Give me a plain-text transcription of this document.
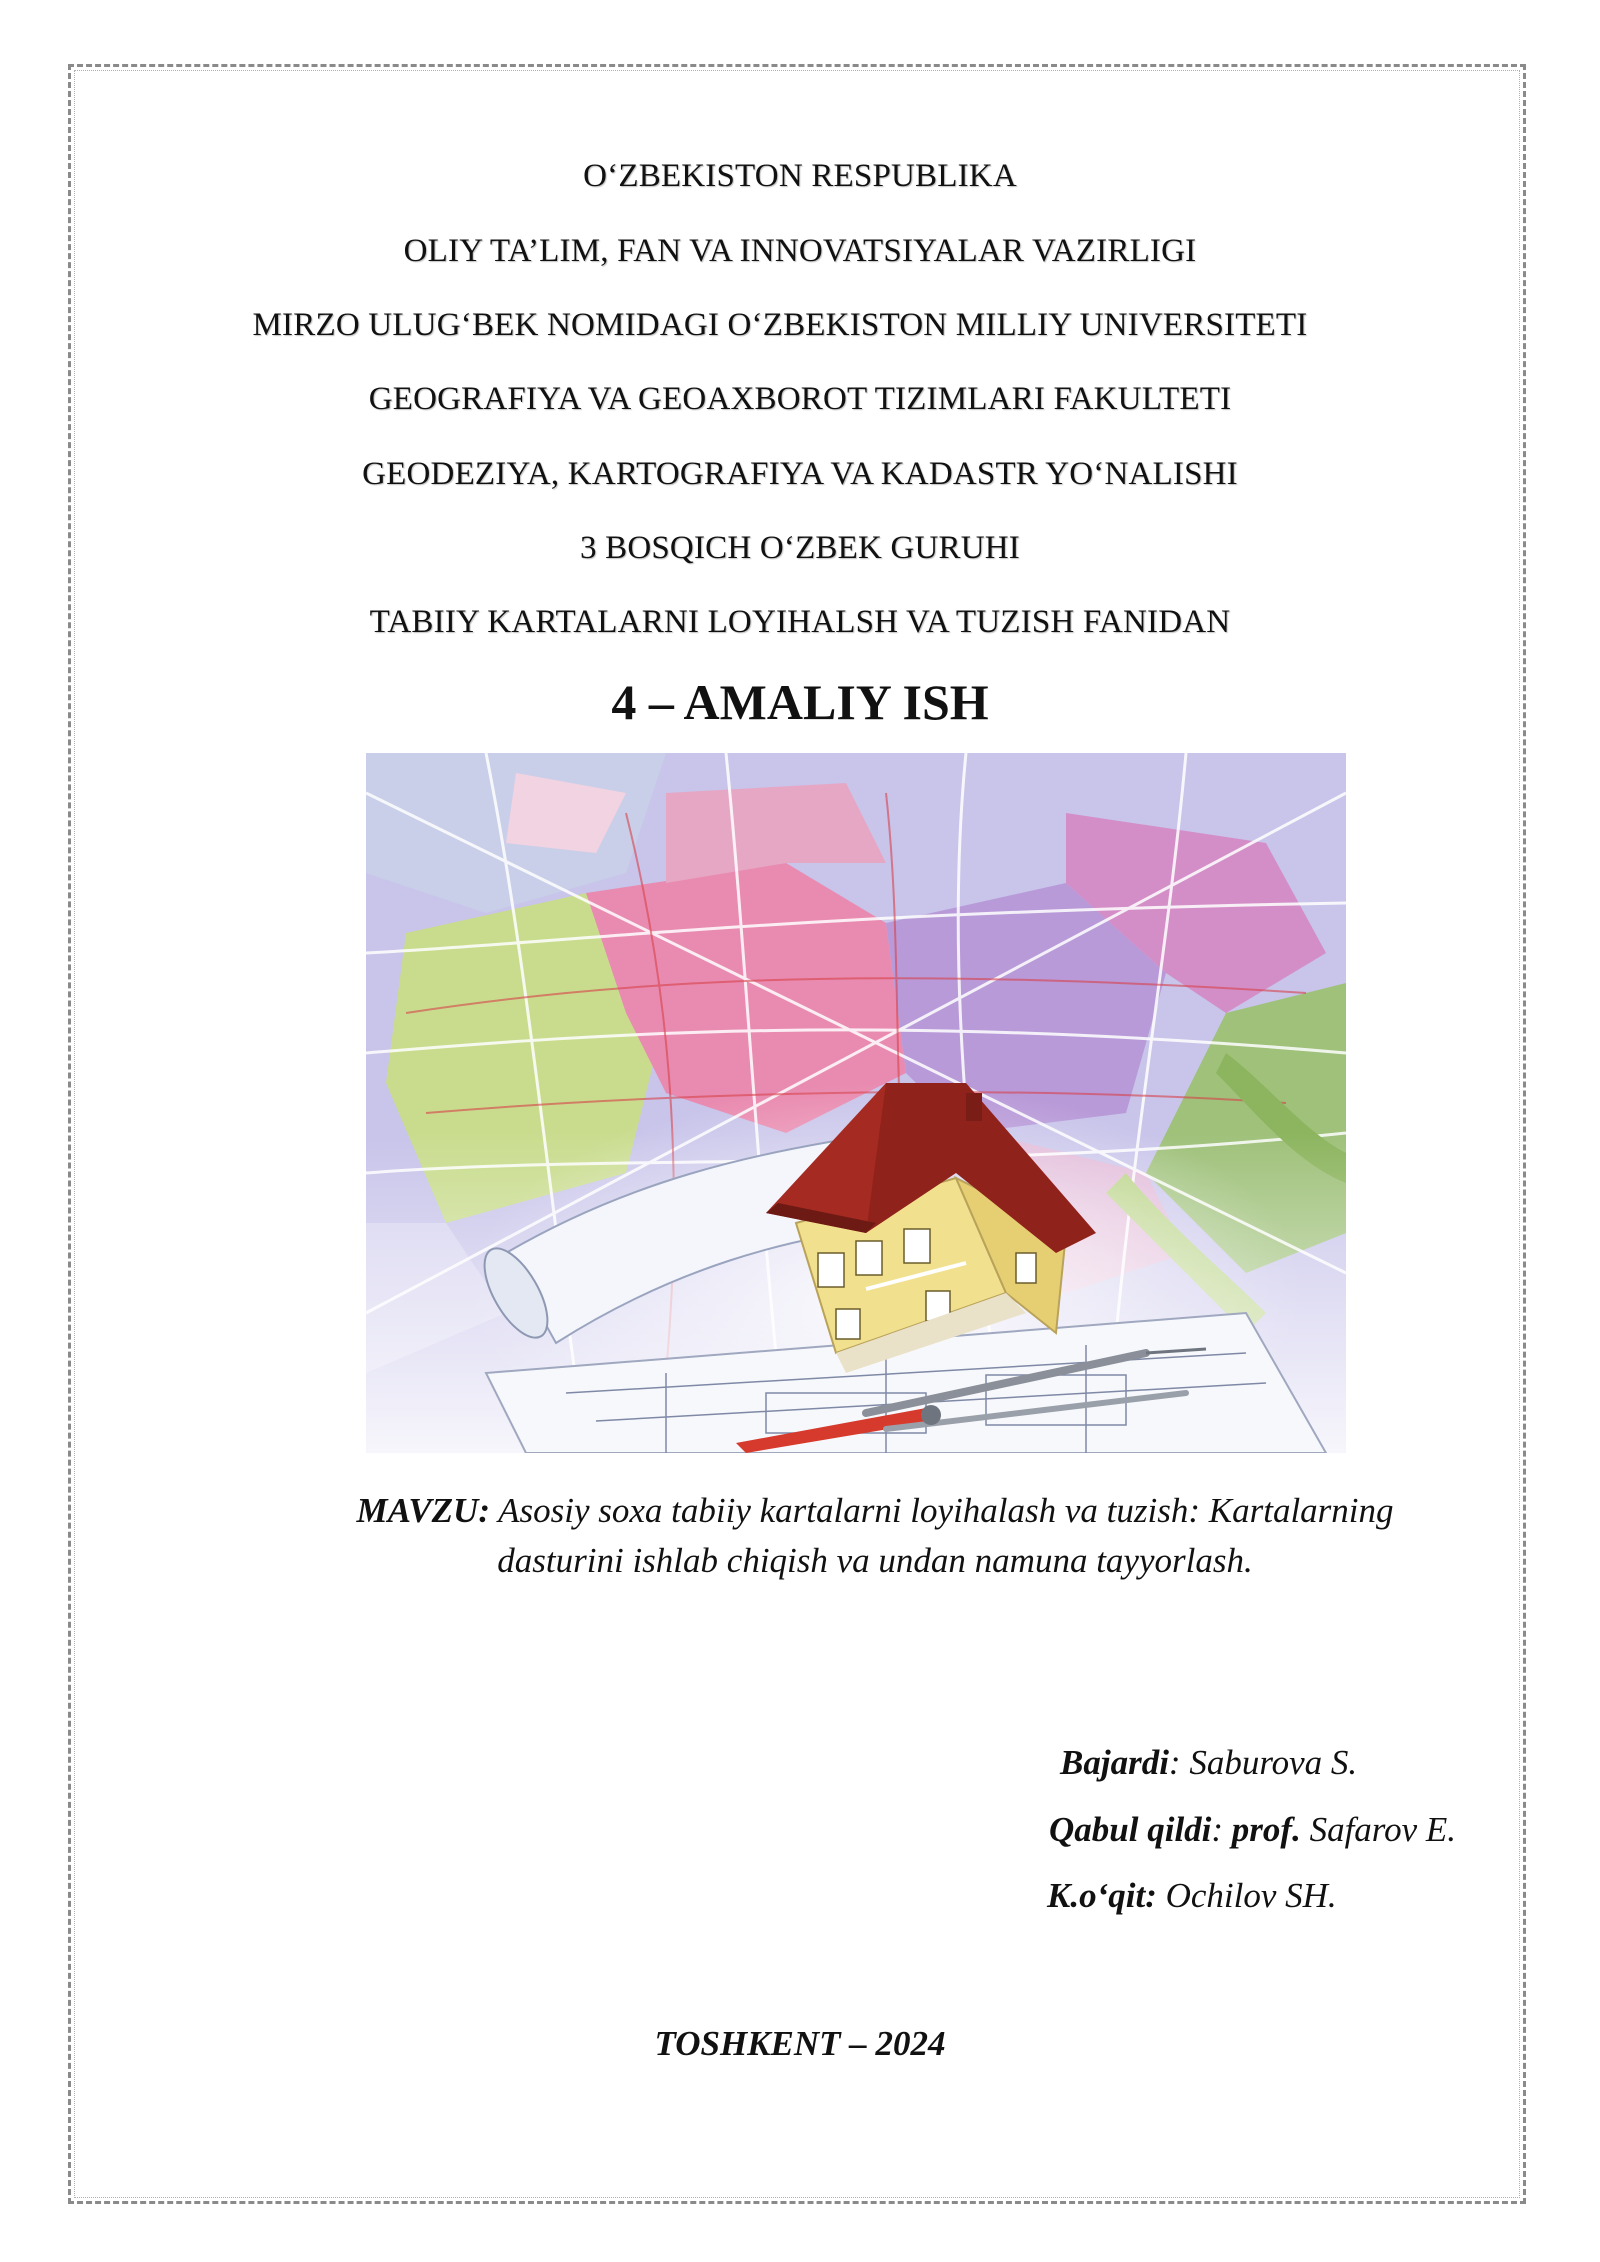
O‘ZBEKISTON RESPUBLIKA
OLIY TA’LIM, FAN VA INNOVATSIYALAR VAZIRLIGI
MIRZO ULUG‘BEK NOMIDAGI O‘ZBEKISTON MILLIY UNIVERSITETI
GEOGRAFIYA VA GEOAXBOROT TIZIMLARI FAKULTETI
GEODEZIYA, KARTOGRAFIYA VA KADASTR YO‘NALISHI
3 BOSQICH O‘ZBEK GURUHI
TABIIY KARTALARNI LOYIHALSH VA TUZISH FANIDAN
4 – AMALIY ISH
MAVZU: Asosiy soxa tabiiy kartalarni loyihalash va tuzish: Kartalarning dasturini ishlab chiqish va undan namuna tayyorlash.
Bajardi: Saburova S.
Qabul qildi: prof. Safarov E.
K.o‘qit: Ochilov SH.
TOSHKENT – 2024
